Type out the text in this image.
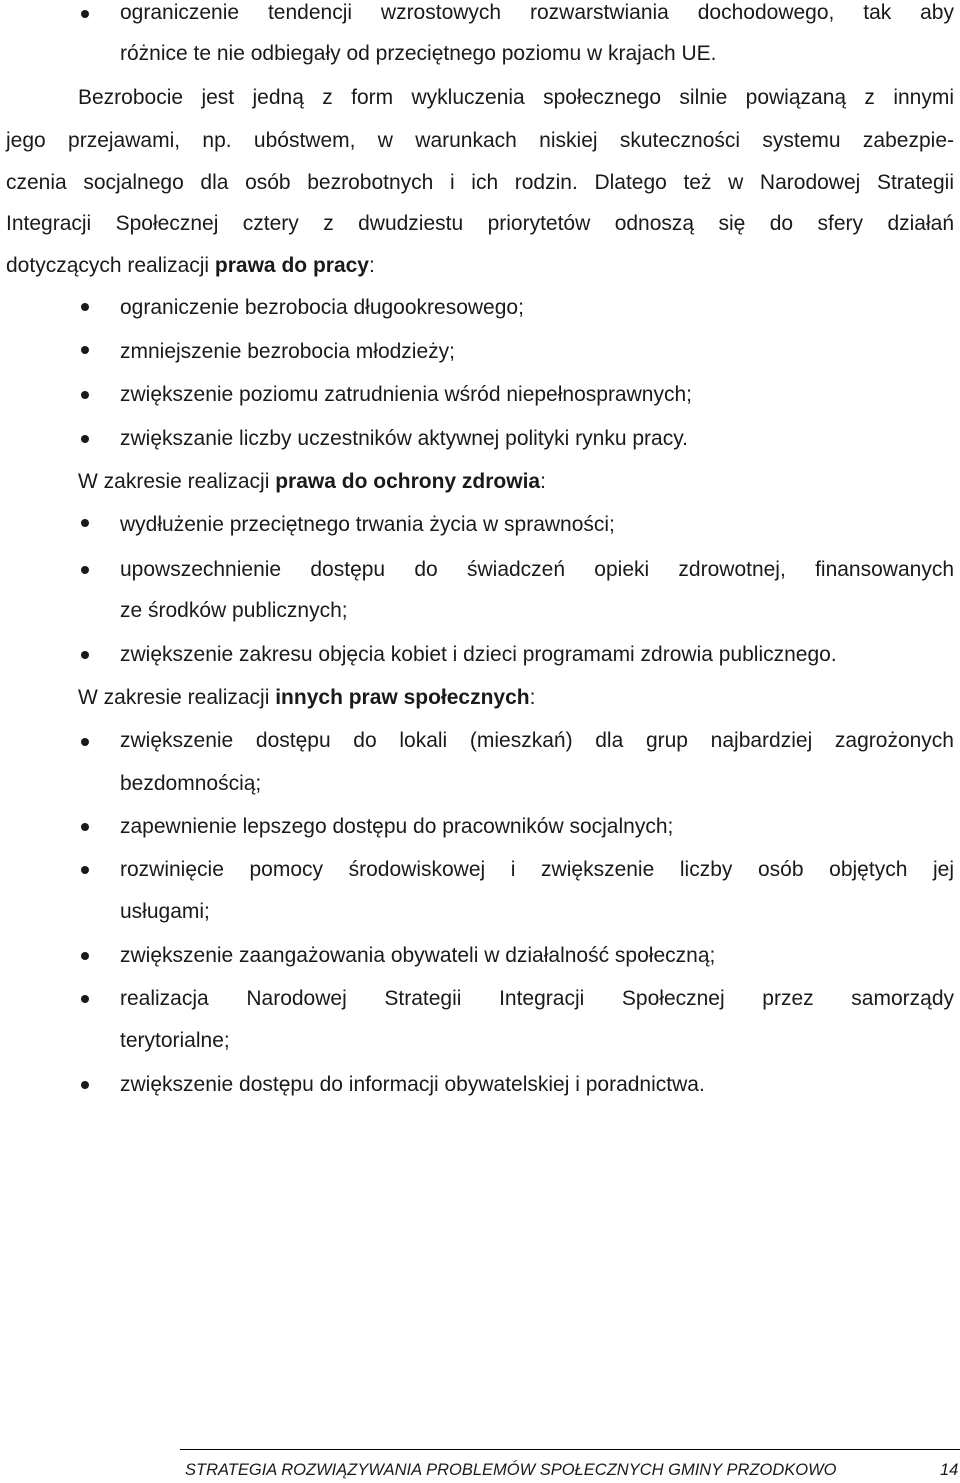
ograniczenie tendencji wzrostowych rozwarstwiania dochodowego, tak aby
różnice te nie odbiegały od przeciętnego poziomu w krajach UE.
Bezrobocie jest jedną z form wykluczenia społecznego silnie powiązaną z innymi
jego przejawami, np. ubóstwem, w warunkach niskiej skuteczności systemu zabezpie-
czenia socjalnego dla osób bezrobotnych i ich rodzin. Dlatego też w Narodowej Strategii
Integracji Społecznej cztery z dwudziestu priorytetów odnoszą się do sfery działań
dotyczących realizacji prawa do pracy:
ograniczenie bezrobocia długookresowego;
zmniejszenie bezrobocia młodzieży;
zwiększenie poziomu zatrudnienia wśród niepełnosprawnych;
zwiększanie liczby uczestników aktywnej polityki rynku pracy.
W zakresie realizacji prawa do ochrony zdrowia:
wydłużenie przeciętnego trwania życia w sprawności;
upowszechnienie dostępu do świadczeń opieki zdrowotnej, finansowanych
ze środków publicznych;
zwiększenie zakresu objęcia kobiet i dzieci programami zdrowia publicznego.
W zakresie realizacji innych praw społecznych:
zwiększenie dostępu do lokali (mieszkań) dla grup najbardziej zagrożonych
bezdomnością;
zapewnienie lepszego dostępu do pracowników socjalnych;
rozwinięcie pomocy środowiskowej i zwiększenie liczby osób objętych jej
usługami;
zwiększenie zaangażowania obywateli w działalność społeczną;
realizacja Narodowej Strategii Integracji Społecznej przez samorządy
terytorialne;
zwiększenie dostępu do informacji obywatelskiej i poradnictwa.
STRATEGIA ROZWIĄZYWANIA PROBLEMÓW SPOŁECZNYCH GMINY PRZODKOWO	14
